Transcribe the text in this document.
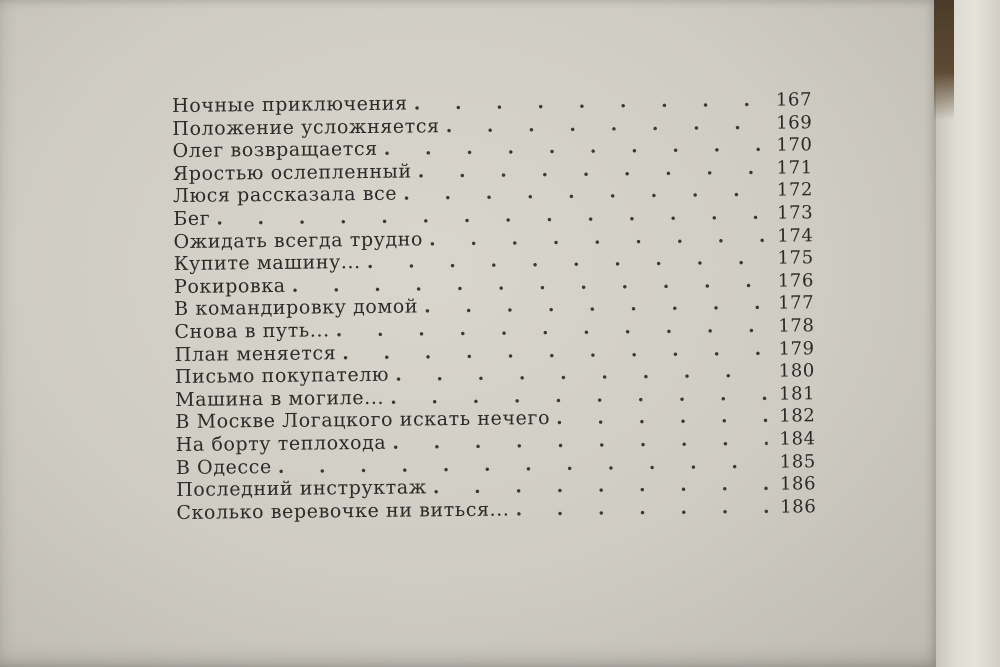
Ночные приключения . . .	167
Положение усложняется . . .	169
Олег возвращается . . .	170
Яростью ослепленный . . .	171
Люся рассказала все . . .	172
Бег . . .	173
Ожидать всегда трудно . . .	174
Купите машину... . . .	175
Рокировка . . .	176
В командировку домой . . .	177
Снова в путь... . . .	178
План меняется . . .	179
Письмо покупателю . . .	180
Машина в могиле... . . .	181
В Москве Логацкого искать нечего . . .	182
На борту теплохода . . .	184
В Одессе . . .	185
Последний инструктаж . . .	186
Сколько веревочке ни виться... . . .	186
